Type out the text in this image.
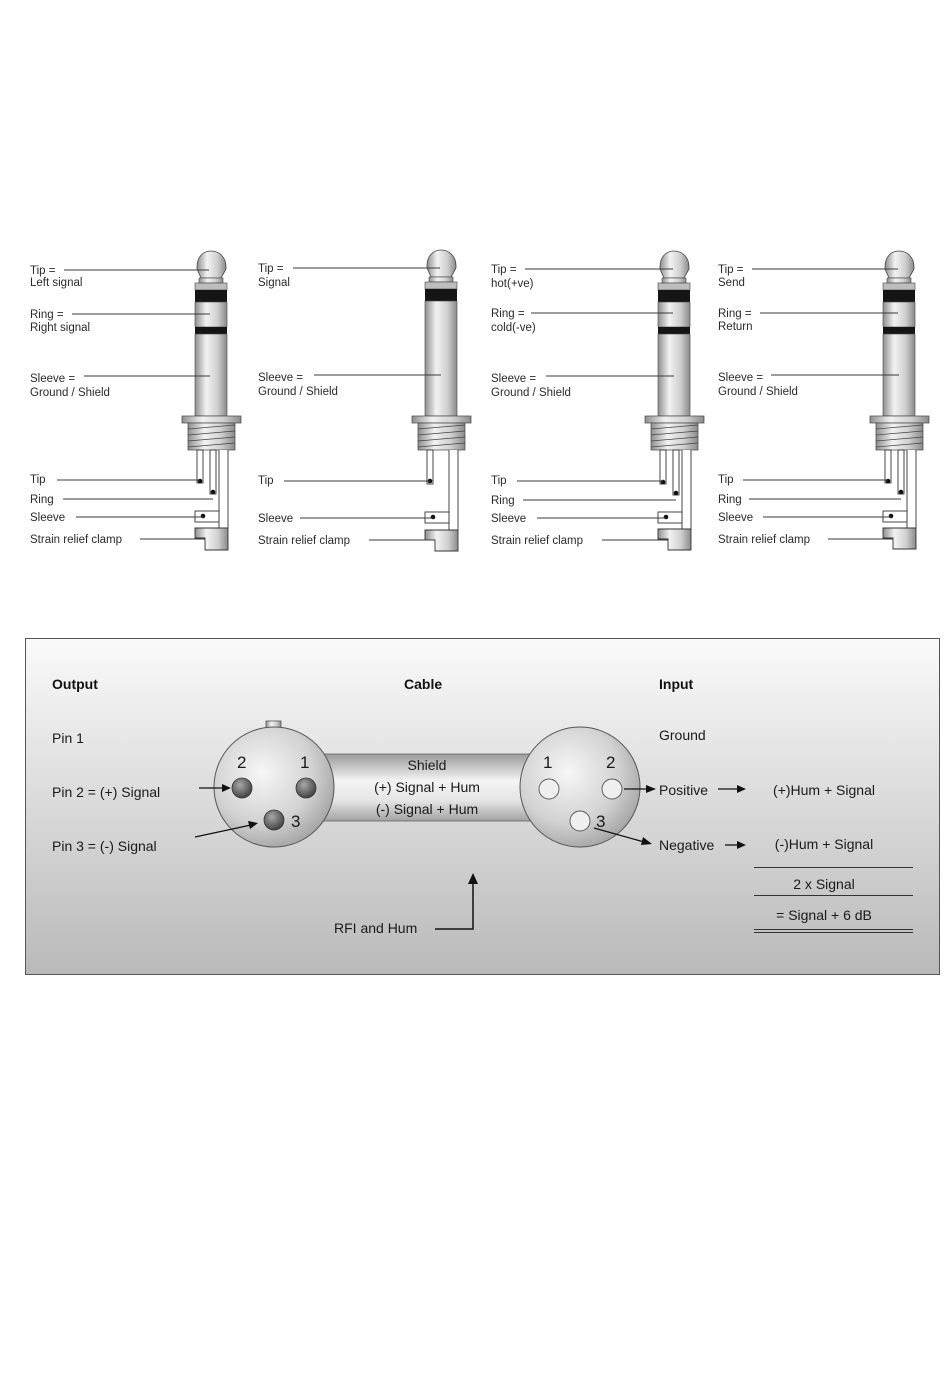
Tip =
Left signal
Ring =
Right signal
Sleeve =
Ground / Shield
Tip
Ring
Sleeve
Strain relief clamp
Tip =
Signal
Sleeve =
Ground / Shield
Tip
Sleeve
Strain relief clamp
Tip =
hot(+ve)
Ring =
cold(-ve)
Sleeve =
Ground / Shield
Tip
Ring
Sleeve
Strain relief clamp
Tip =
Send
Ring =
Return
Sleeve =
Ground / Shield
Tip
Ring
Sleeve
Strain relief clamp
Output	Cable	Input
Shield
(+) Signal + Hum
(-) Signal + Hum
2	1
3
1	2
3
Pin 1
Pin 2 = (+) Signal
Pin 3 = (-) Signal
Ground
Positive
Negative
(+)Hum + Signal
(-)Hum + Signal
2 x Signal
= Signal + 6 dB
RFI and Hum
